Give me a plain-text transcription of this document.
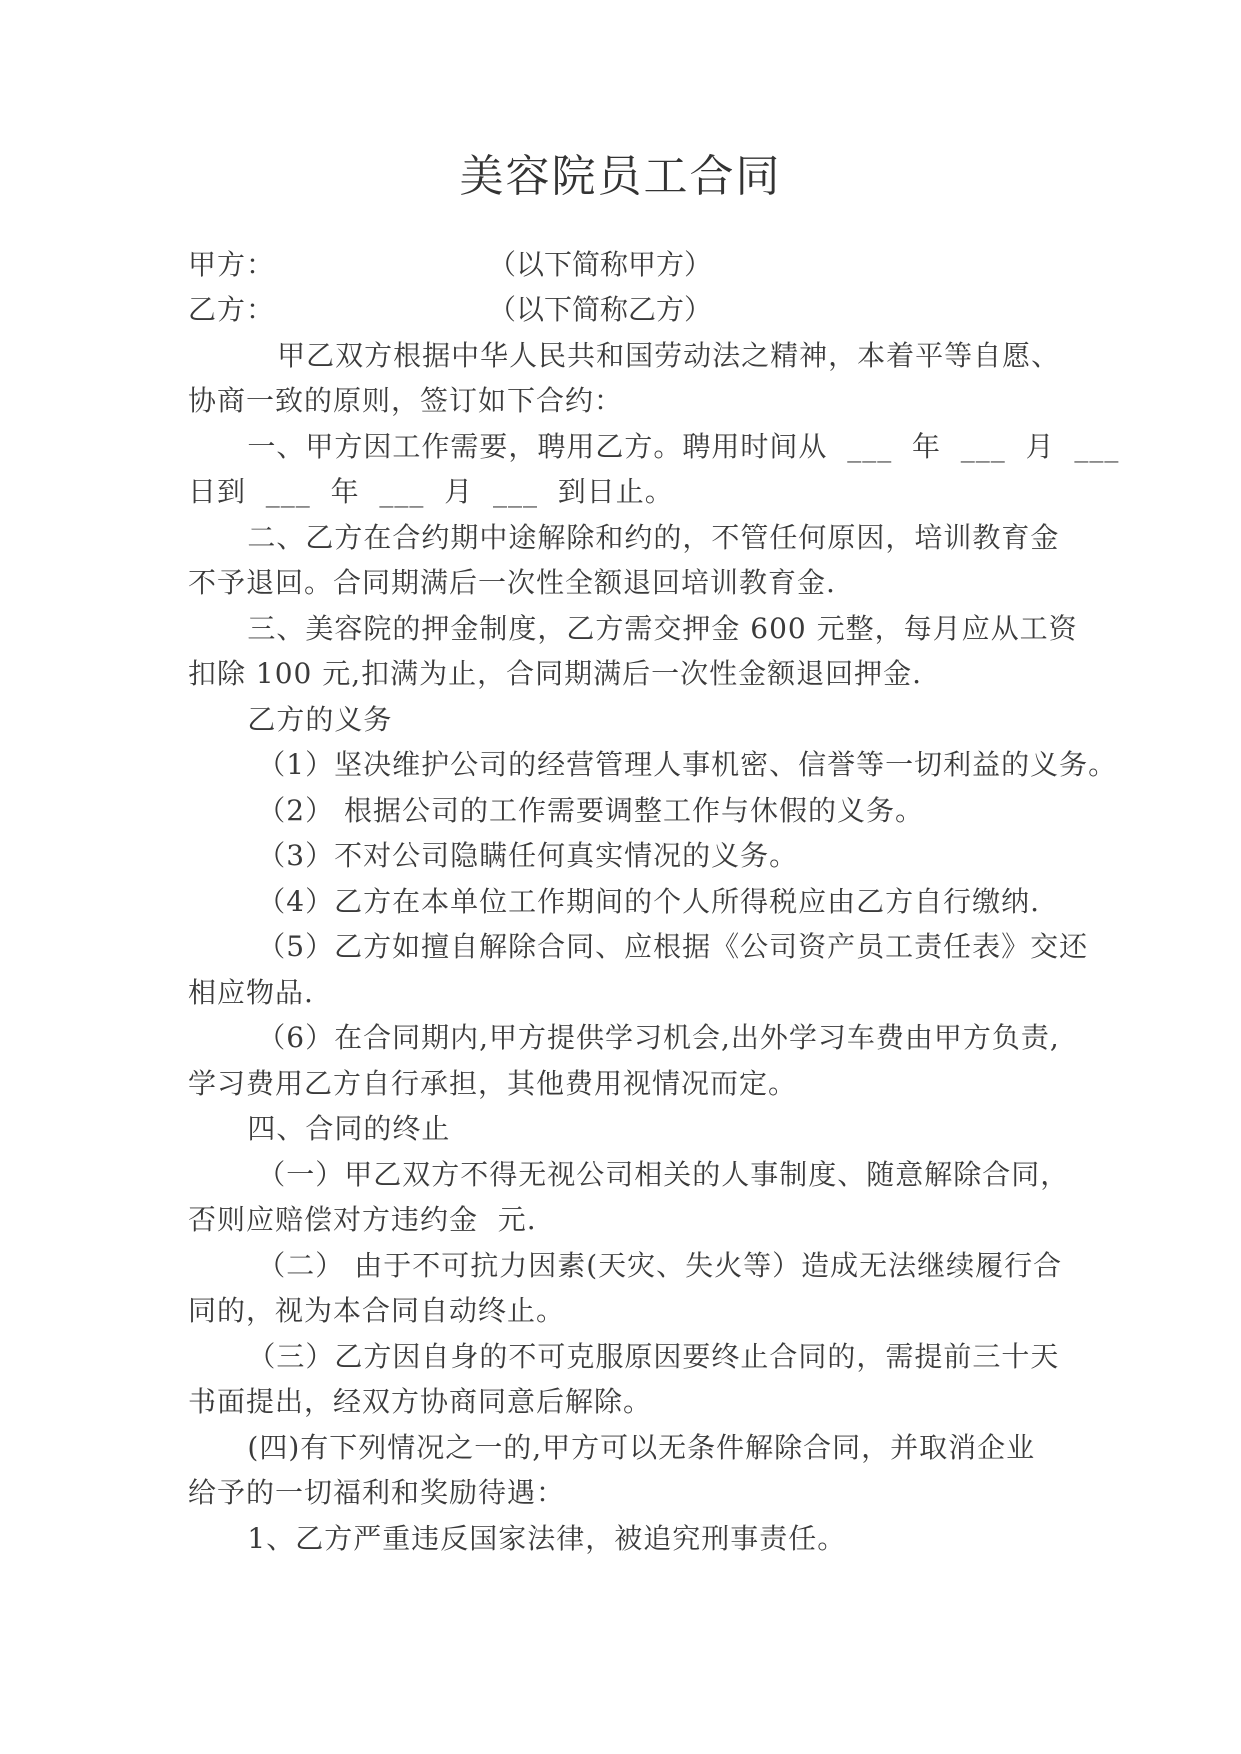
美容院员工合同
甲方：	（以下简称甲方）
乙方：	（以下简称乙方）
甲乙双方根据中华人民共和国劳动法之精神，本着平等自愿、
协商一致的原则，签订如下合约：
一、甲方因工作需要，聘用乙方。聘用时间从  ___  年  ___  月  ___
日到  ___  年  ___  月  ___  到日止。
二、乙方在合约期中途解除和约的，不管任何原因，培训教育金
不予退回。合同期满后一次性全额退回培训教育金.
三、美容院的押金制度，乙方需交押金 600 元整，每月应从工资
扣除 100 元,扣满为止，合同期满后一次性金额退回押金.
乙方的义务
（1）坚决维护公司的经营管理人事机密、信誉等一切利益的义务。
（2） 根据公司的工作需要调整工作与休假的义务。
（3）不对公司隐瞒任何真实情况的义务。
（4）乙方在本单位工作期间的个人所得税应由乙方自行缴纳.
（5）乙方如擅自解除合同、应根据《公司资产员工责任表》交还
相应物品.
（6）在合同期内,甲方提供学习机会,出外学习车费由甲方负责,
学习费用乙方自行承担，其他费用视情况而定。
四、合同的终止
（一）甲乙双方不得无视公司相关的人事制度、随意解除合同，
否则应赔偿对方违约金  元.
（二） 由于不可抗力因素(天灾、失火等）造成无法继续履行合
同的，视为本合同自动终止。
（三）乙方因自身的不可克服原因要终止合同的，需提前三十天
书面提出，经双方协商同意后解除。
(四)有下列情况之一的,甲方可以无条件解除合同，并取消企业
给予的一切福利和奖励待遇：
1、乙方严重违反国家法律，被追究刑事责任。
